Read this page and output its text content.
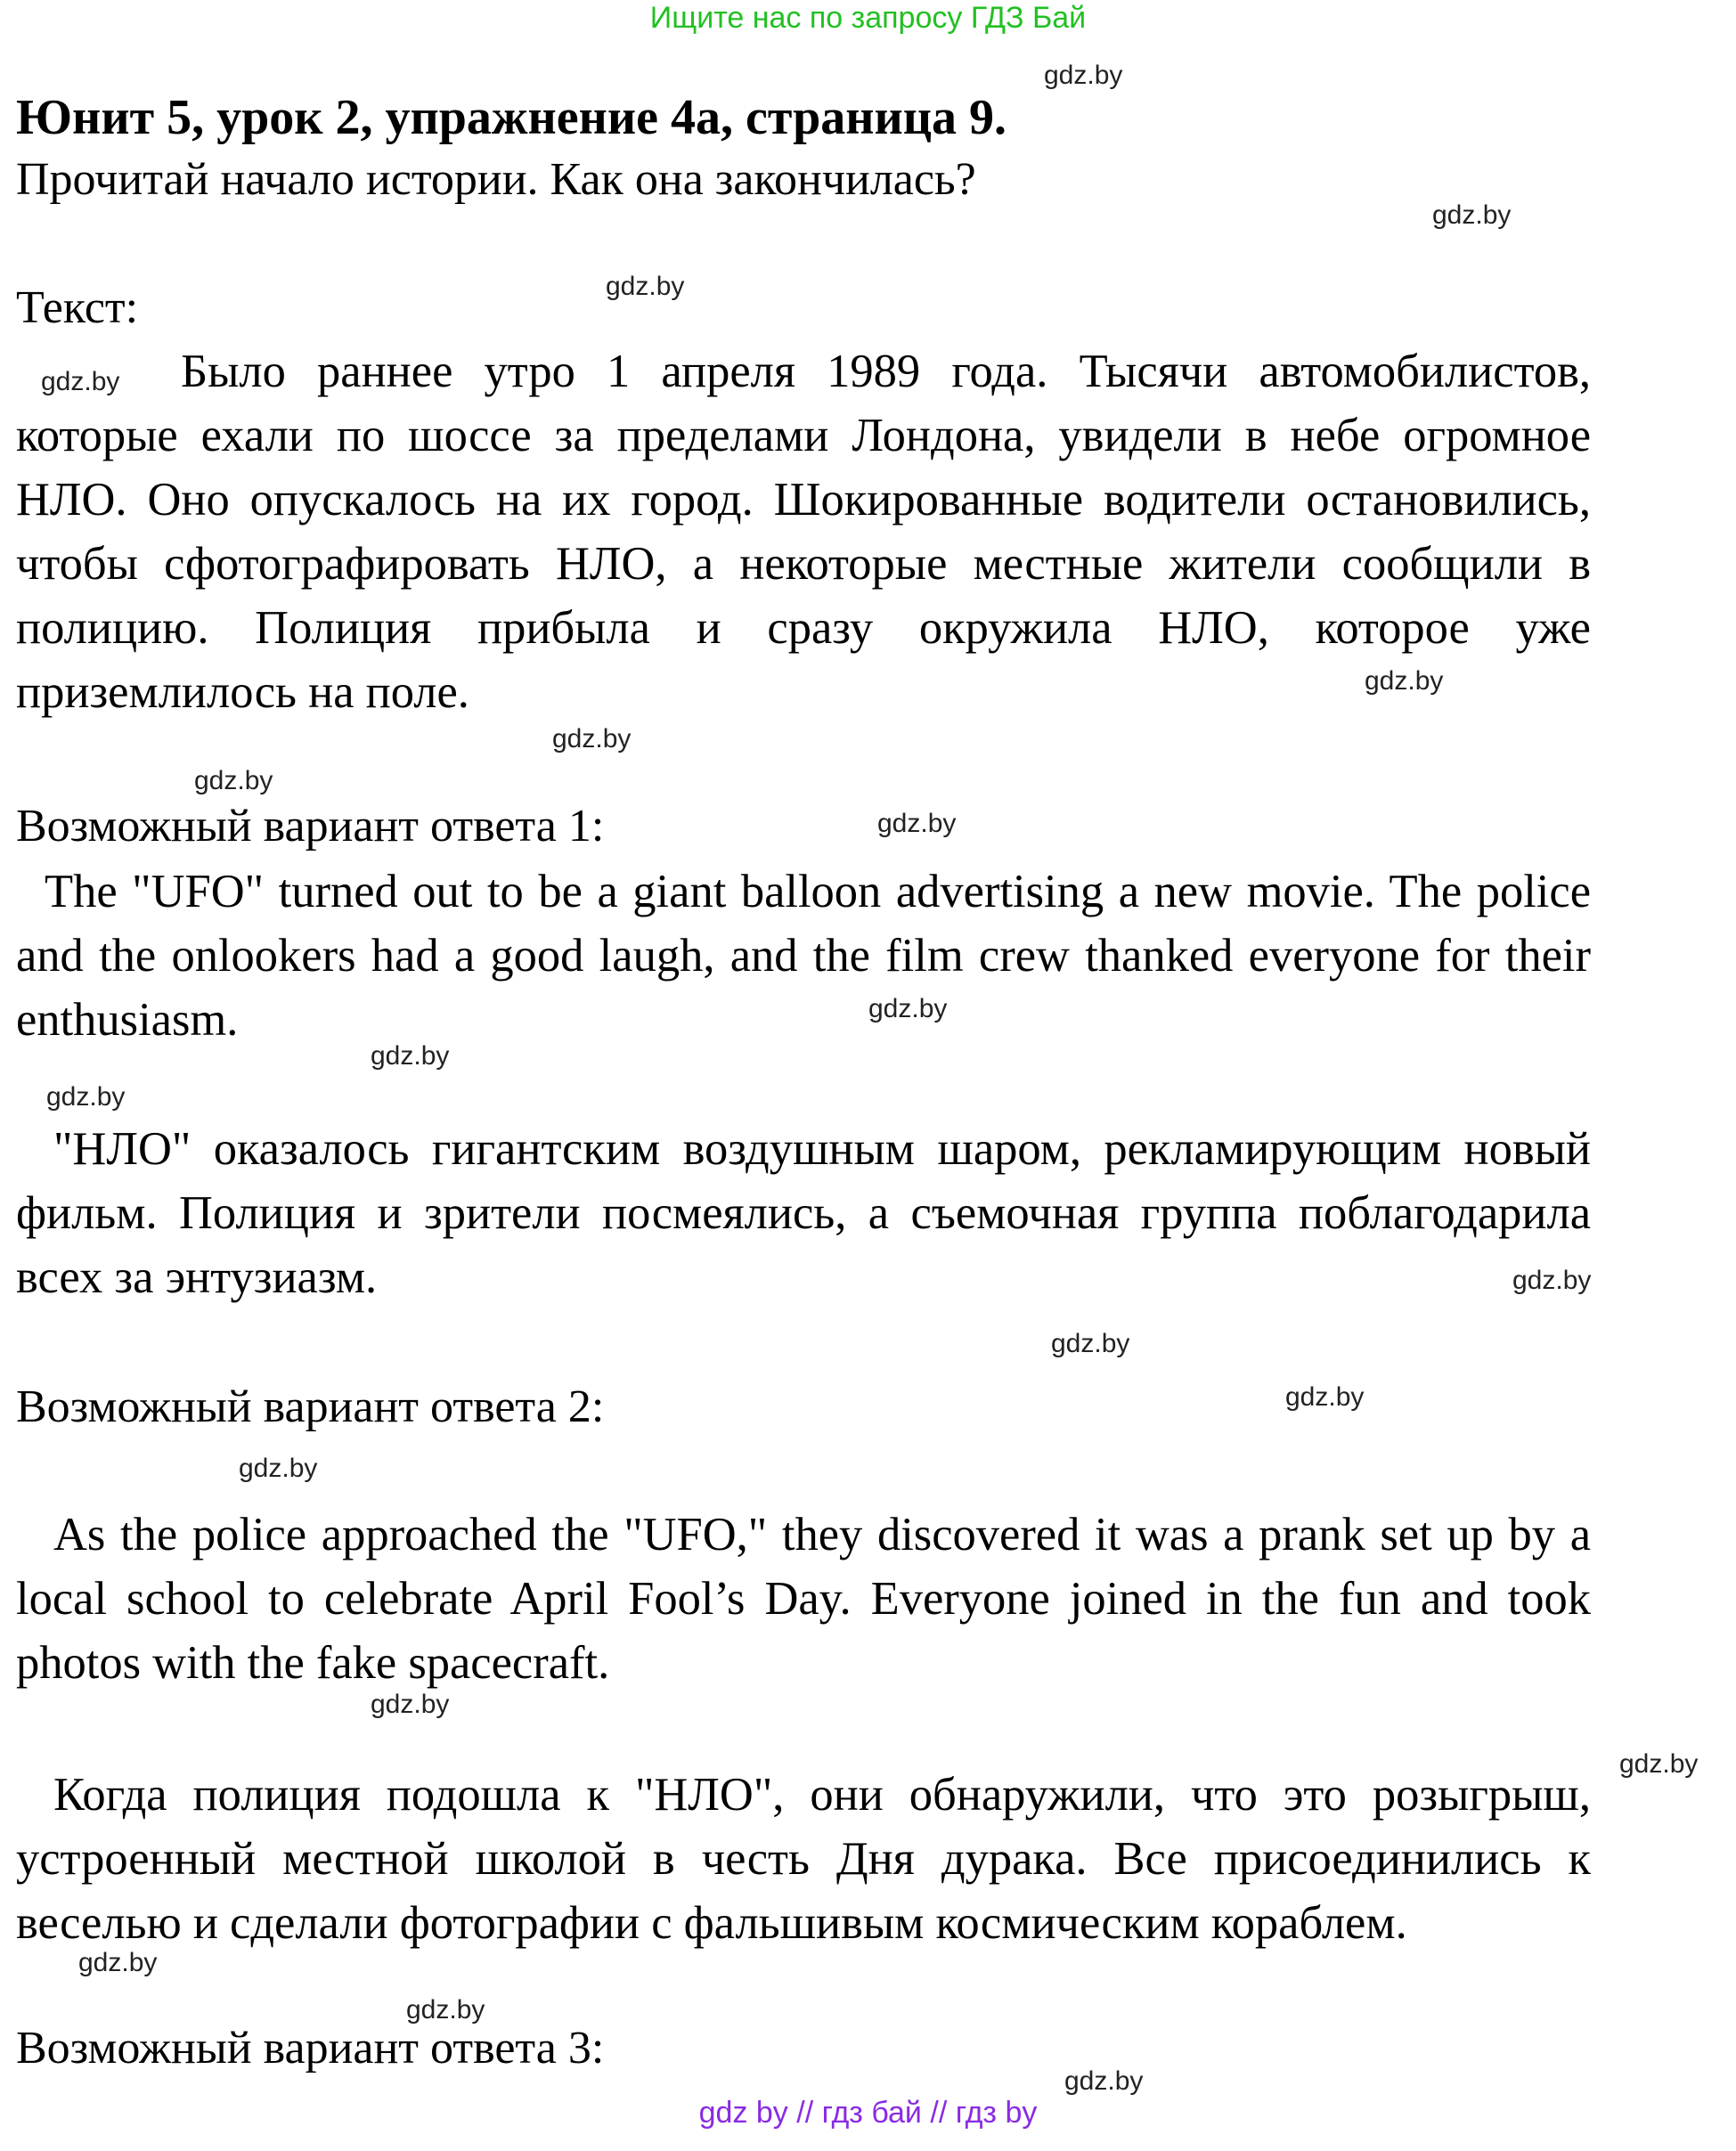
Ищите нас по запросу ГДЗ Бай
Юнит 5, урок 2, упражнение 4а, страница 9.
Прочитай начало истории. Как она закончилась?
Текст:

Было раннее утро 1 апреля 1989 года. Тысячи автомобилистов, которые ехали по шоссе за пределами Лондона, увидели в небе огромное НЛО. Оно опускалось на их город. Шокированные водители остановились, чтобы сфотографировать НЛО, а некоторые местные жители сообщили в полицию. Полиция прибыла и сразу окружила НЛО, которое уже приземлилось на поле.

Возможный вариант ответа 1:

The "UFO" turned out to be a giant balloon advertising a new movie. The police and the onlookers had a good laugh, and the film crew thanked everyone for their enthusiasm.

"НЛО" оказалось гигантским воздушным шаром, рекламирующим новый фильм. Полиция и зрители посмеялись, а съемочная группа поблагодарила всех за энтузиазм.

Возможный вариант ответа 2:

As the police approached the "UFO," they discovered it was a prank set up by a local school to celebrate April Fool’s Day. Everyone joined in the fun and took photos with the fake spacecraft.

Когда полиция подошла к "НЛО", они обнаружили, что это розыгрыш, устроенный местной школой в честь Дня дурака. Все присоединились к веселью и сделали фотографии с фальшивым космическим кораблем.

Возможный вариант ответа 3:
gdz.by
gdz.by
gdz.by
gdz.by
gdz.by
gdz.by
gdz.by
gdz.by
gdz.by
gdz.by
gdz.by
gdz.by
gdz.by
gdz.by
gdz.by
gdz.by
gdz.by
gdz.by
gdz.by
gdz.by
gdz by // гдз бай // гдз by
